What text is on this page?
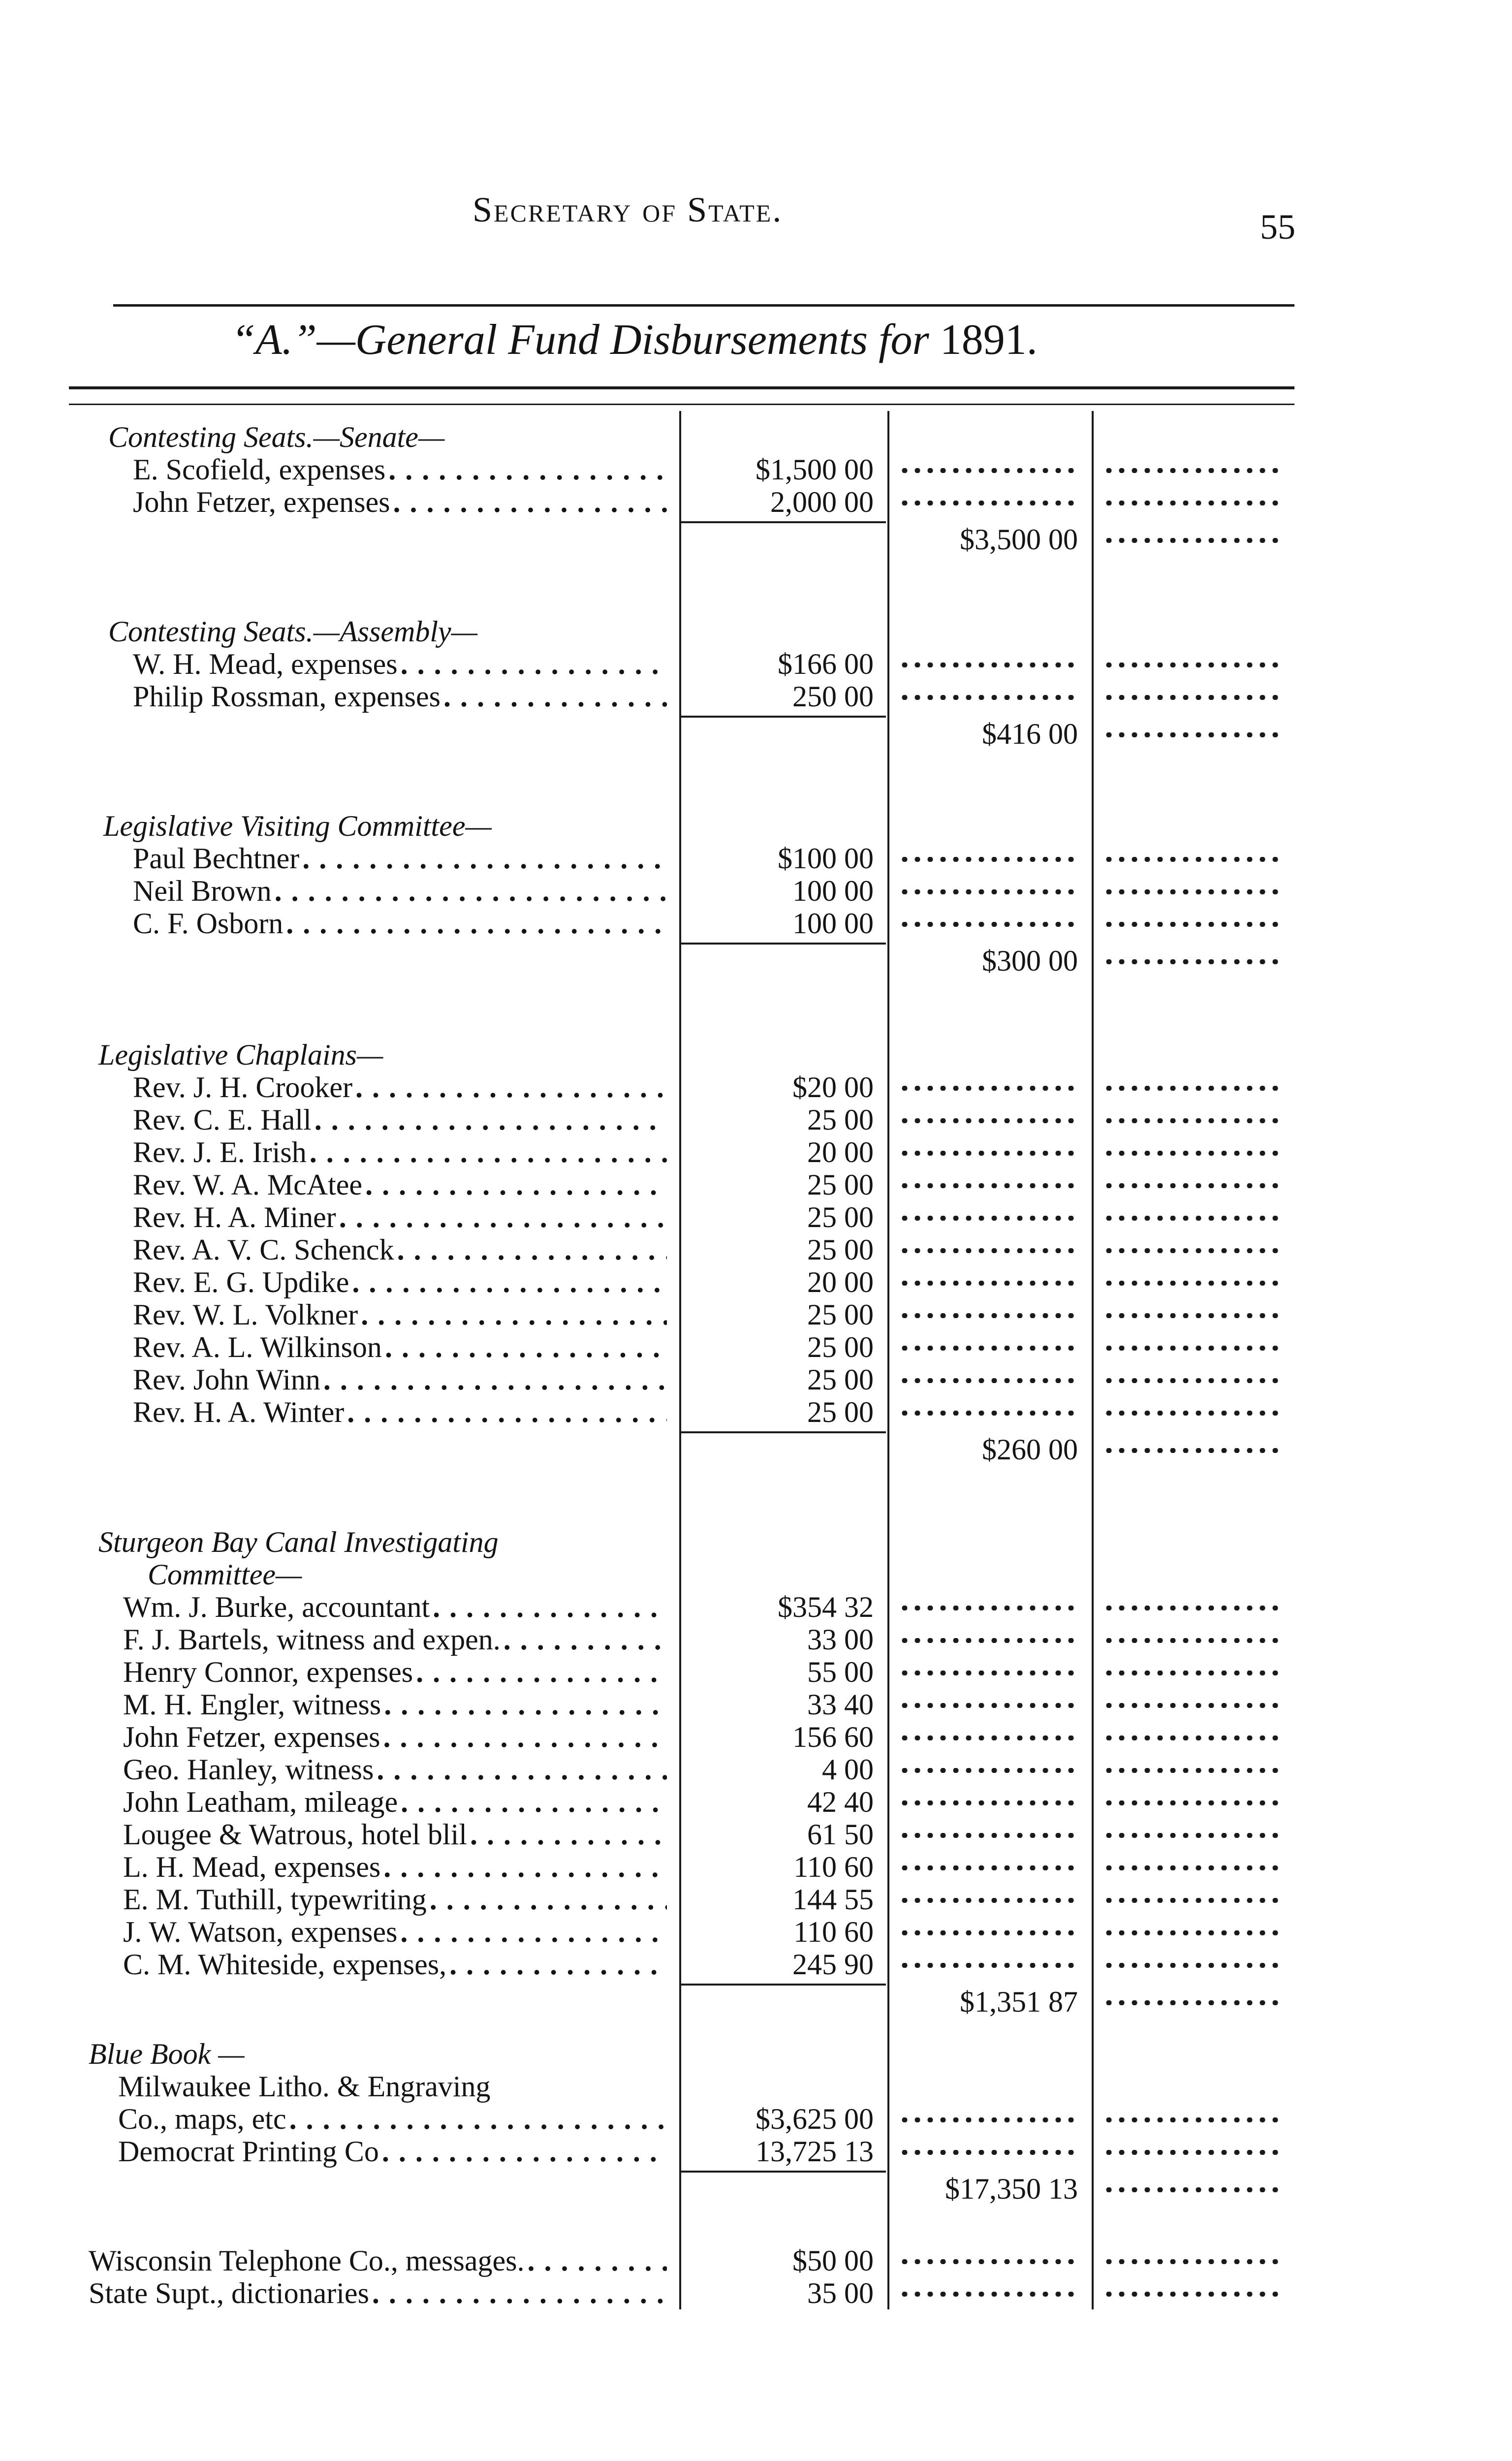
Secretary of State.	55
“A.”—General Fund Disbursements for 1891.
Contesting Seats.—Senate—
E. Scofield, expenses . . .	$1,500 00
John Fetzer, expenses . . .	2,000 00
$3,500 00
Contesting Seats.—Assembly—
W. H. Mead, expenses . . .	$166 00
Philip Rossman, expenses . . .	250 00
$416 00
Legislative Visiting Committee—
Paul Bechtner . . .	$100 00
Neil Brown . . .	100 00
C. F. Osborn . . .	100 00
$300 00
Legislative Chaplains—
Rev. J. H. Crooker . . .	$20 00
Rev. C. E. Hall . . .	25 00
Rev. J. E. Irish . . .	20 00
Rev. W. A. McAtee . . .	25 00
Rev. H. A. Miner . . .	25 00
Rev. A. V. C. Schenck . . .	25 00
Rev. E. G. Updike . . .	20 00
Rev. W. L. Volkner . . .	25 00
Rev. A. L. Wilkinson . . .	25 00
Rev. John Winn . . .	25 00
Rev. H. A. Winter . . .	25 00
$260 00
Sturgeon Bay Canal Investigating
Committee—
Wm. J. Burke, accountant . . .	$354 32
F. J. Bartels, witness and expen. . . .	33 00
Henry Connor, expenses . . .	55 00
M. H. Engler, witness . . .	33 40
John Fetzer, expenses . . .	156 60
Geo. Hanley, witness . . .	4 00
John Leatham, mileage . . .	42 40
Lougee & Watrous, hotel blil . . .	61 50
L. H. Mead, expenses . . .	110 60
E. M. Tuthill, typewriting . . .	144 55
J. W. Watson, expenses . . .	110 60
C. M. Whiteside, expenses, . . .	245 90
$1,351 87
Blue Book —
Milwaukee Litho. & Engraving
Co., maps, etc . . .	$3,625 00
Democrat Printing Co . . .	13,725 13
$17,350 13
Wisconsin Telephone Co., messages. . . .	$50 00
State Supt., dictionaries . . .	35 00
